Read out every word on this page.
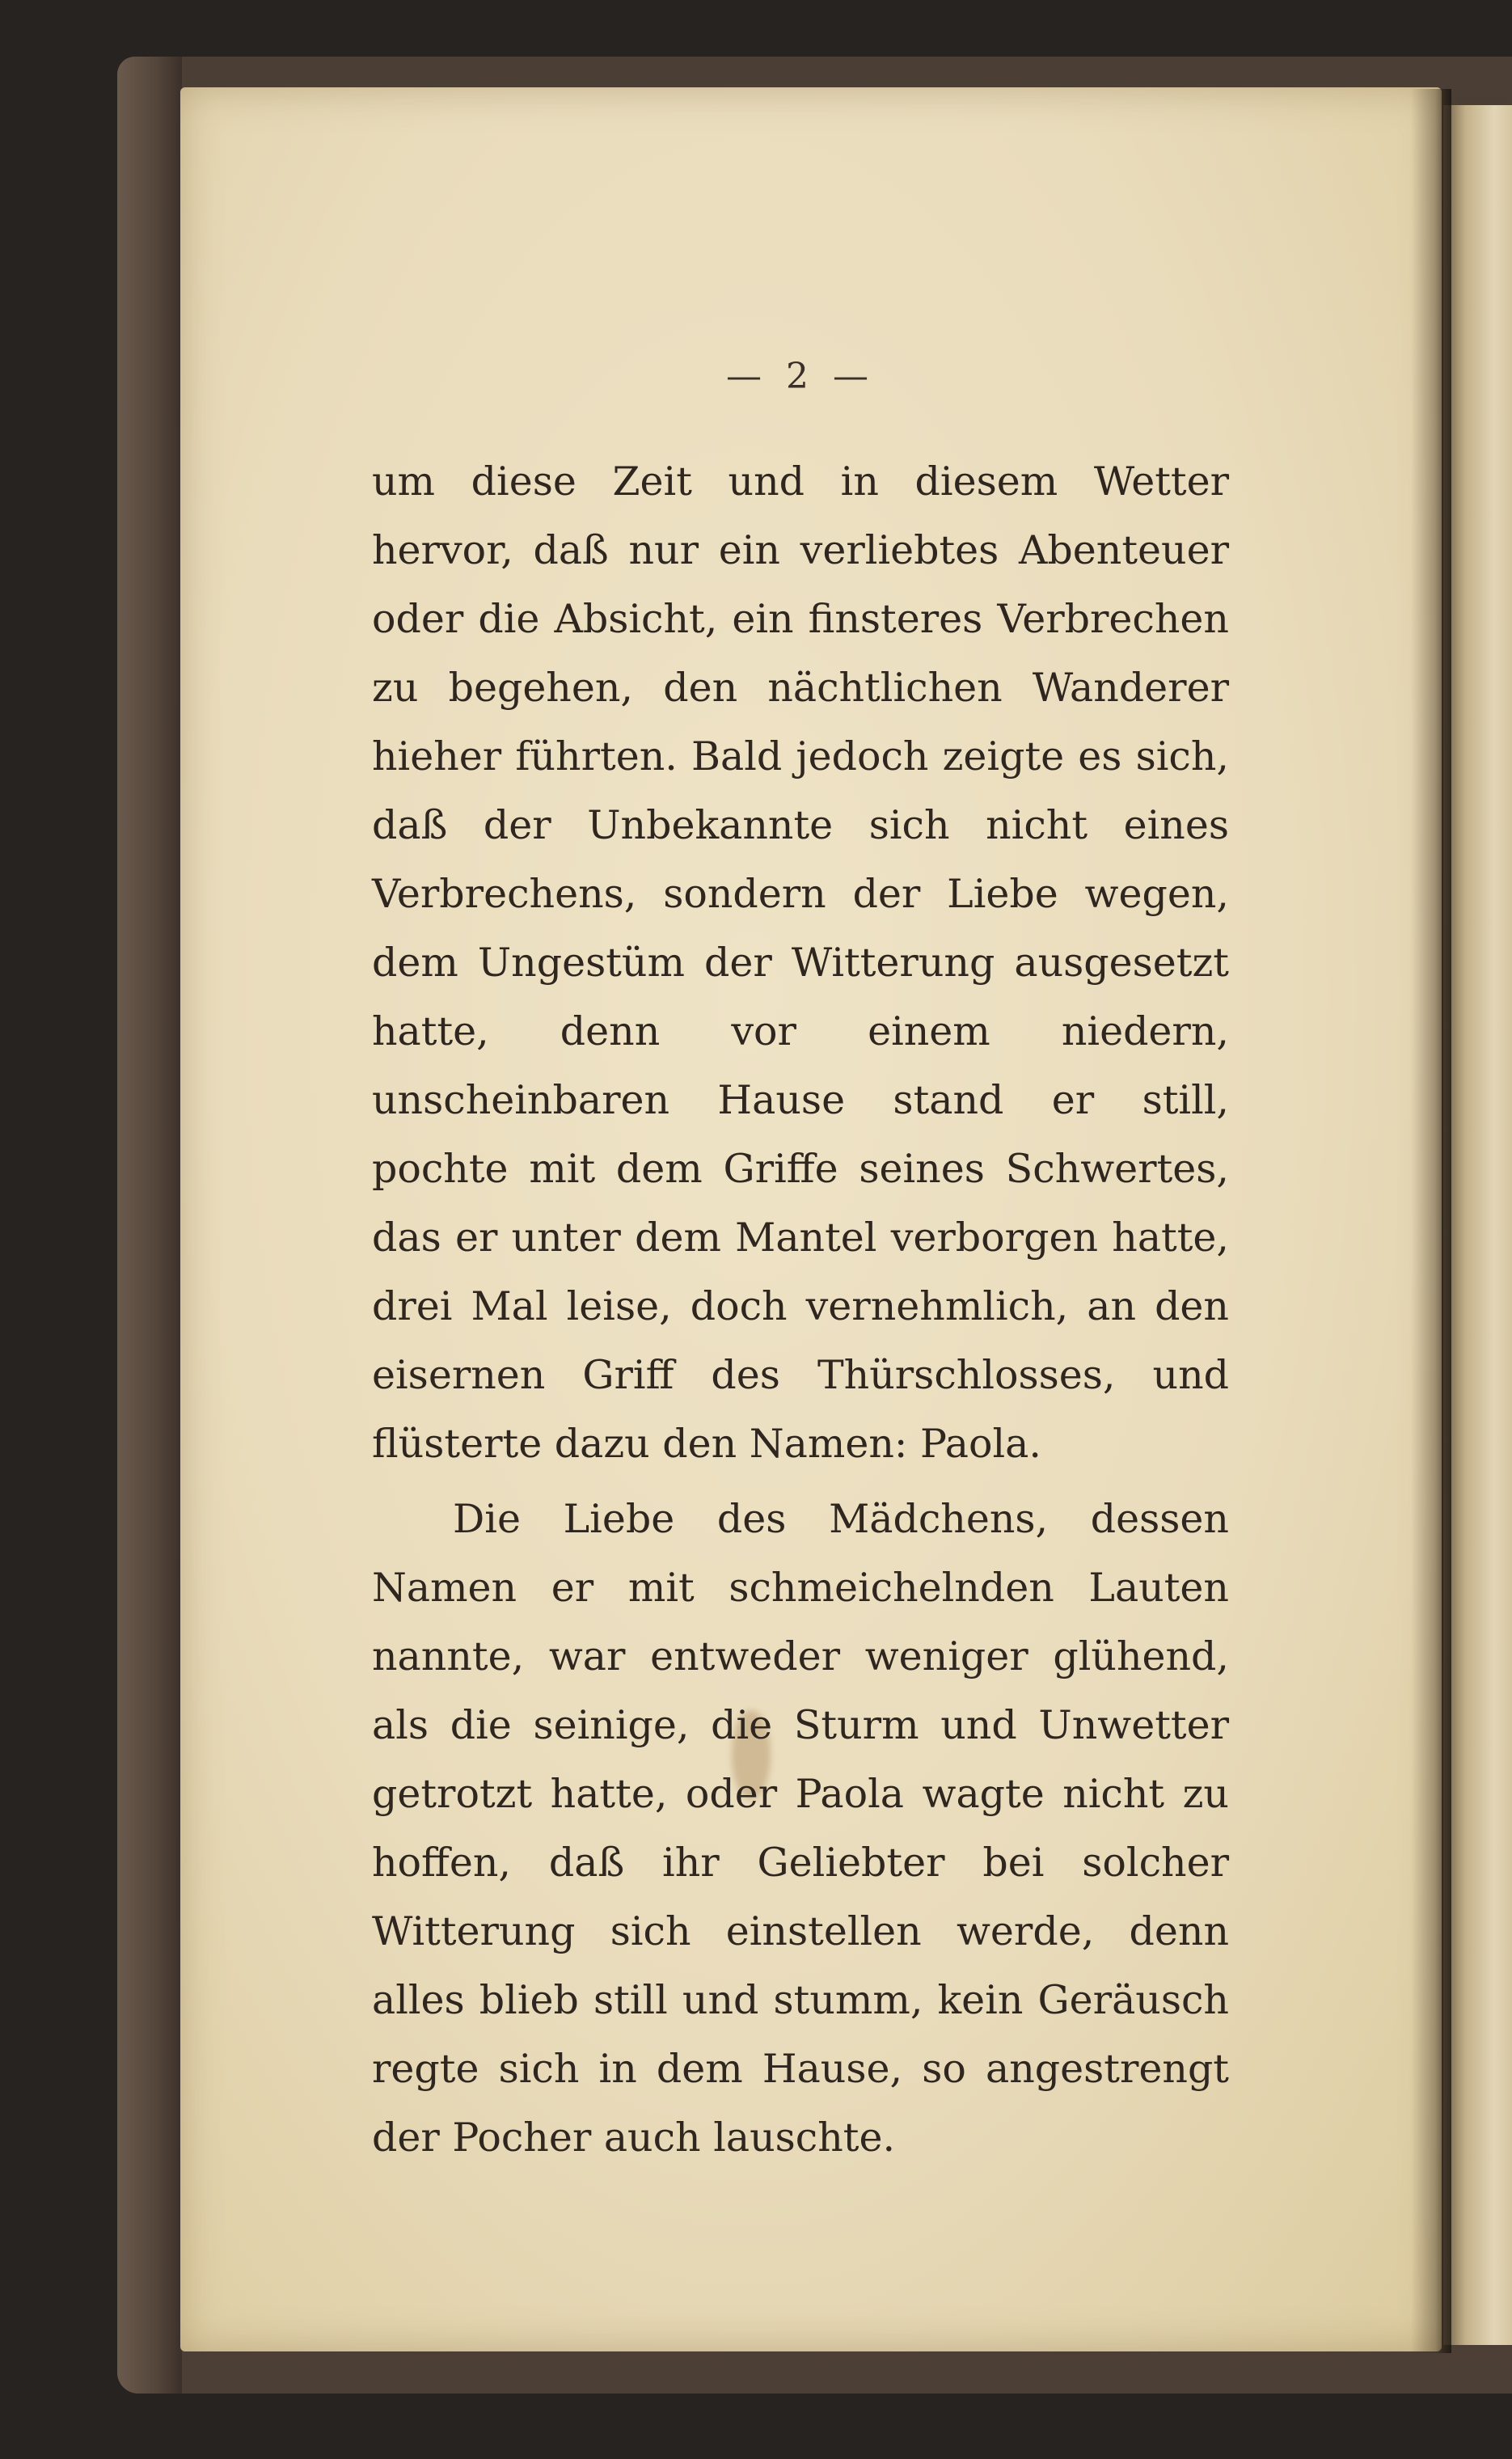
— 2 —

um diese Zeit und in diesem Wetter hervor, daß nur ein verliebtes Abenteuer oder die Absicht, ein finsteres Verbrechen zu begehen, den nächtlichen Wanderer hieher führten. Bald jedoch zeigte es sich, daß der Unbekannte sich nicht eines Verbrechens, sondern der Liebe wegen, dem Ungestüm der Witterung ausgesetzt hatte, denn vor einem niedern, unscheinbaren Hause stand er still, pochte mit dem Griffe seines Schwertes, das er unter dem Mantel verborgen hatte, drei Mal leise, doch vernehmlich, an den eisernen Griff des Thürschlosses, und flüsterte dazu den Namen: Paola.

Die Liebe des Mädchens, dessen Namen er mit schmeichelnden Lauten nannte, war entweder weniger glühend, als die seinige, die Sturm und Unwetter getrotzt hatte, oder Paola wagte nicht zu hoffen, daß ihr Geliebter bei solcher Witterung sich einstellen werde, denn alles blieb still und stumm, kein Geräusch regte sich in dem Hause, so angestrengt der Pocher auch lauschte.
